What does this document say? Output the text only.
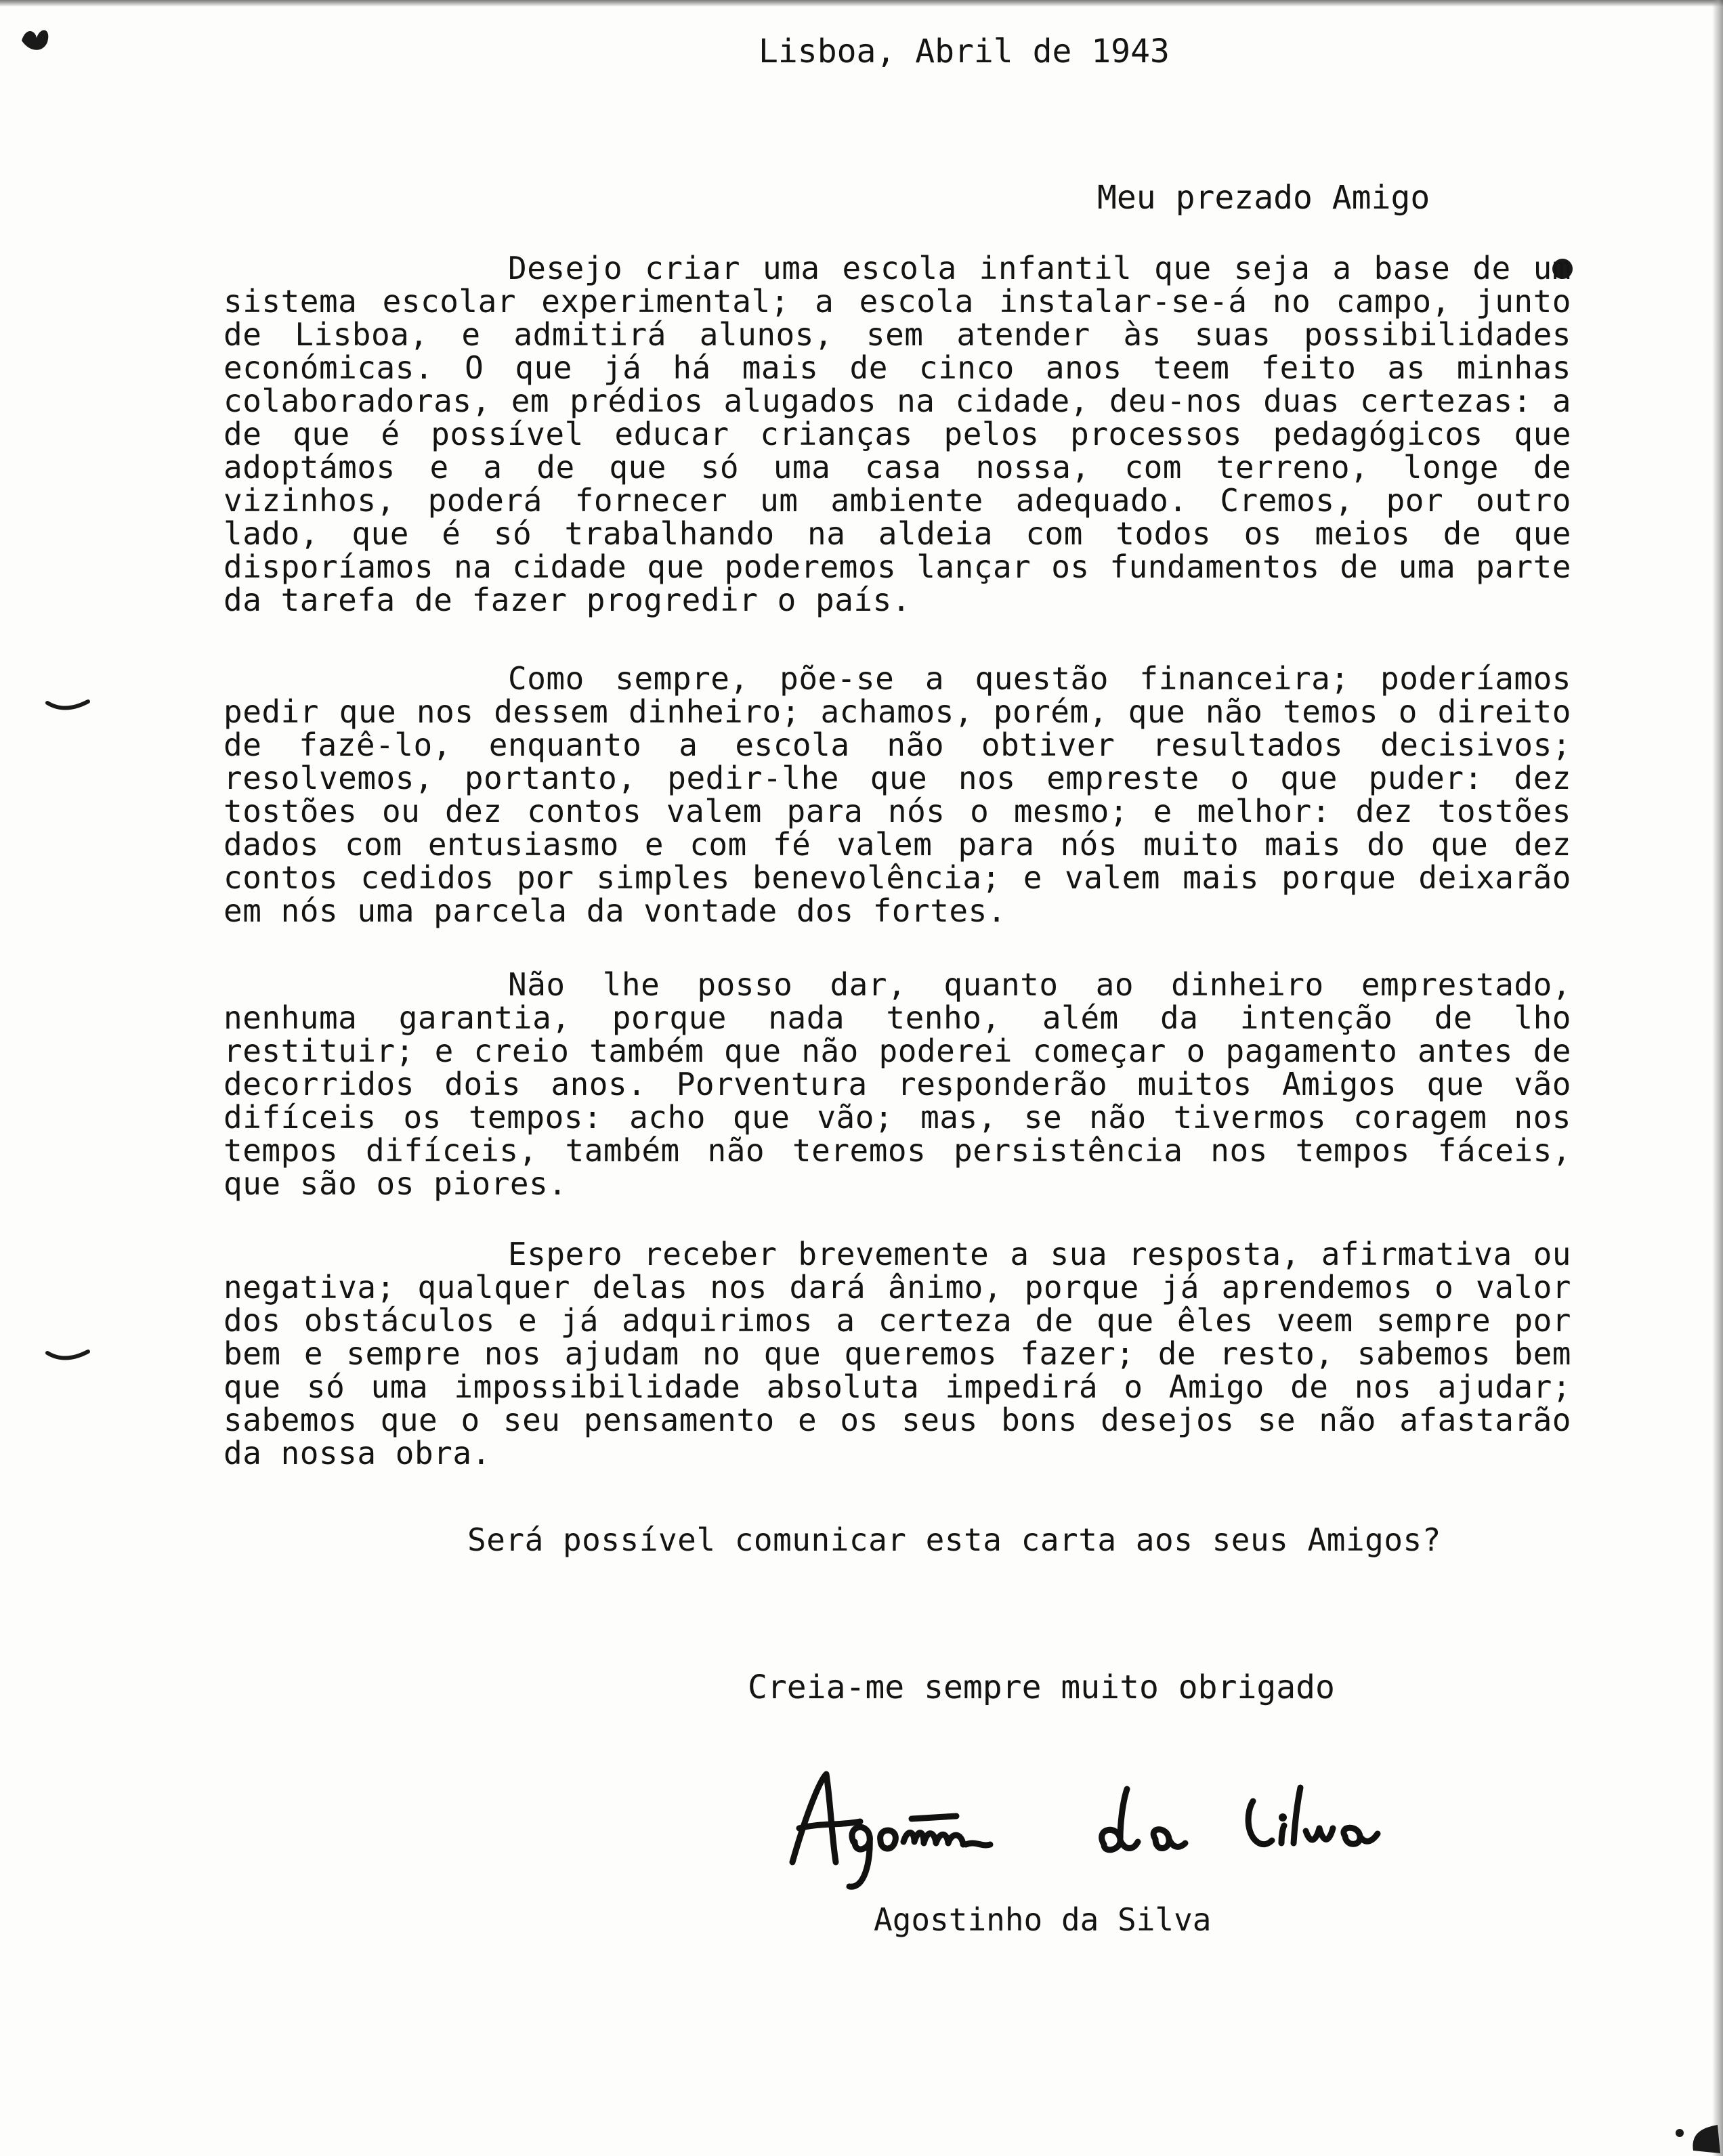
Lisboa, Abril de 1943
Meu prezado Amigo

Desejo criar uma escola infantil que seja a base de um sistema escolar experimental; a escola instalar-se-á no campo, junto de Lisboa, e admitirá alunos, sem atender às suas possibilidades económicas. O que já há mais de cinco anos teem feito as minhas colaboradoras, em prédios alugados na cidade, deu-nos duas certezas: a de que é possível educar crianças pelos processos pedagógicos que adoptámos e a de que só uma casa nossa, com terreno, longe de vizinhos, poderá fornecer um ambiente adequado. Cremos, por outro lado, que é só trabalhando na aldeia com todos os meios de que disporíamos na cidade que poderemos lançar os fundamentos de uma parte da tarefa de fazer progredir o país.

Como sempre, põe-se a questão financeira; poderíamos pedir que nos dessem dinheiro; achamos, porém, que não temos o direito de fazê-lo, enquanto a escola não obtiver resultados decisivos; resolvemos, portanto, pedir-lhe que nos empreste o que puder: dez tostões ou dez contos valem para nós o mesmo; e melhor: dez tostões dados com entusiasmo e com fé valem para nós muito mais do que dez contos cedidos por simples benevolência; e valem mais porque deixarão em nós uma parcela da vontade dos fortes.

Não lhe posso dar, quanto ao dinheiro emprestado, nenhuma garantia, porque nada tenho, além da intenção de lho restituir; e creio também que não poderei começar o pagamento antes de decorridos dois anos. Porventura responderão muitos Amigos que vão difíceis os tempos: acho que vão; mas, se não tivermos coragem nos tempos difíceis, também não teremos persistência nos tempos fáceis, que são os piores.

Espero receber brevemente a sua resposta, afirmativa ou negativa; qualquer delas nos dará ânimo, porque já aprendemos o valor dos obstáculos e já adquirimos a certeza de que êles veem sempre por bem e sempre nos ajudam no que queremos fazer; de resto, sabemos bem que só uma impossibilidade absoluta impedirá o Amigo de nos ajudar; sabemos que o seu pensamento e os seus bons desejos se não afastarão da nossa obra.

Será possível comunicar esta carta aos seus Amigos?

Creia-me sempre muito obrigado
Agostinho da Silva
